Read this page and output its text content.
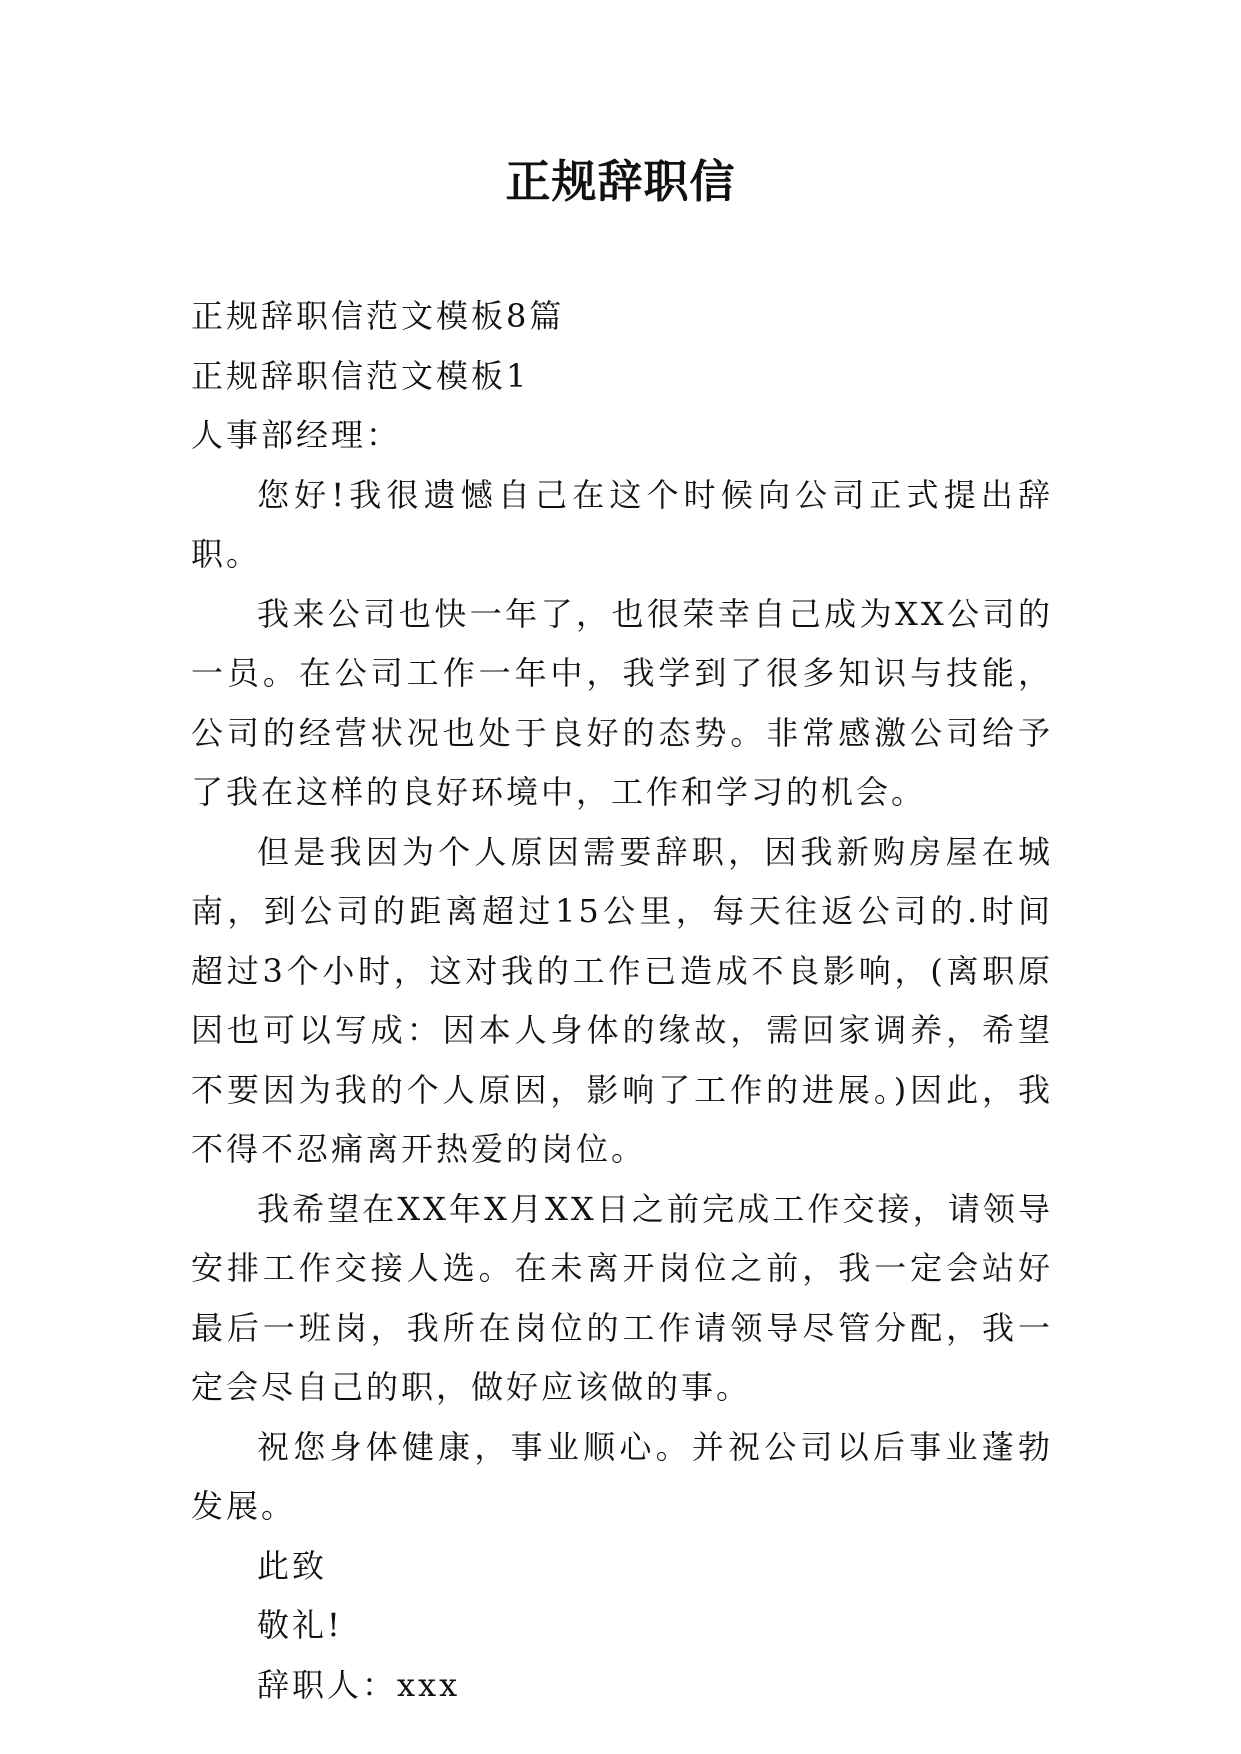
正规辞职信

正规辞职信范文模板8篇

正规辞职信范文模板1

人事部经理：

您好!我很遗憾自己在这个时候向公司正式提出辞职。

我来公司也快一年了，也很荣幸自己成为XX公司的一员。在公司工作一年中，我学到了很多知识与技能，公司的经营状况也处于良好的态势。非常感激公司给予了我在这样的良好环境中，工作和学习的机会。

但是我因为个人原因需要辞职，因我新购房屋在城南，到公司的距离超过15公里，每天往返公司的.时间超过3个小时，这对我的工作已造成不良影响，(离职原因也可以写成：因本人身体的缘故，需回家调养，希望不要因为我的个人原因，影响了工作的进展。)因此，我不得不忍痛离开热爱的岗位。

我希望在XX年X月XX日之前完成工作交接，请领导安排工作交接人选。在未离开岗位之前，我一定会站好最后一班岗，我所在岗位的工作请领导尽管分配，我一定会尽自己的职，做好应该做的事。

祝您身体健康，事业顺心。并祝公司以后事业蓬勃发展。

此致

敬礼!

辞职人：xxx
